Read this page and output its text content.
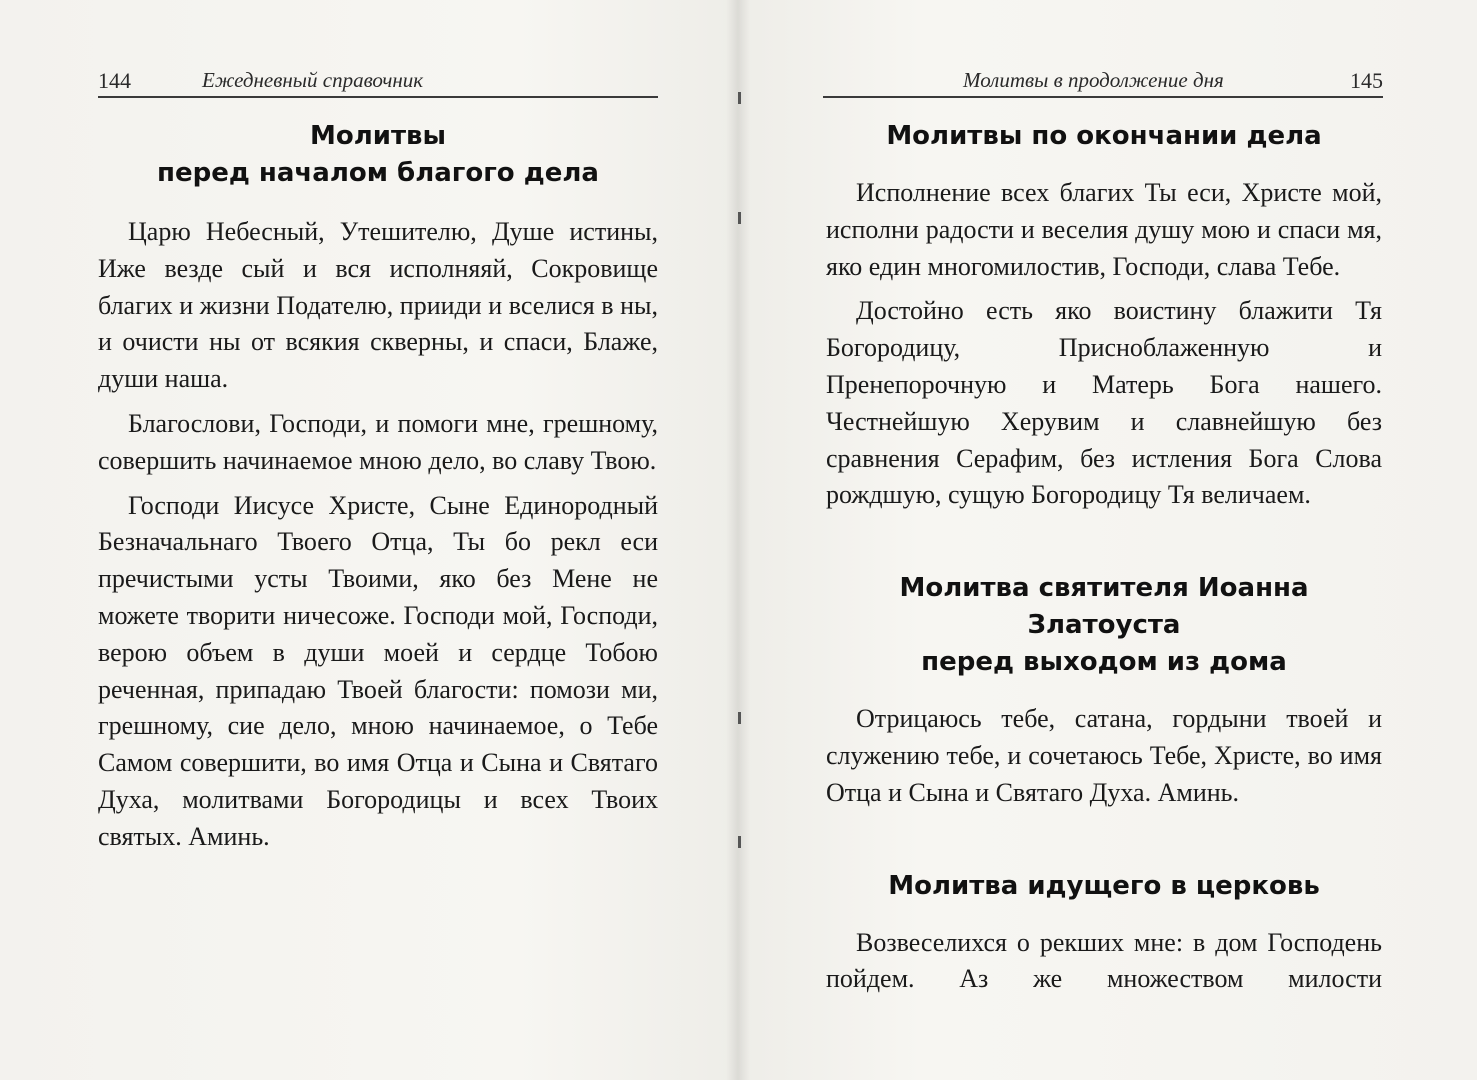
144	Ежедневный справочник
Молитвы
перед началом благого дела

Царю Небесный, Утешителю, Душе истины, Иже везде сый и вся исполняяй, Сокровище благих и жизни Подателю, прииди и вселися в ны, и очисти ны от всякия скверны, и спаси, Блаже, души наша.

Благослови, Господи, и помоги мне, грешному, совершить начинаемое мною дело, во славу Твою.

Господи Иисусе Христе, Сыне Единородный Безначальнаго Твоего Отца, Ты бо рекл еси пречистыми усты Твоими, яко без Мене не можете творити ничесоже. Господи мой, Господи, верою объем в души моей и сердце Тобою реченная, припадаю Твоей благости: помози ми, грешному, сие дело, мною начинаемое, о Тебе Самом совершити, во имя Отца и Сына и Святаго Духа, молитвами Богородицы и всех Твоих святых. Аминь.

Молитвы в продолжение дня	145
Молитвы по окончании дела

Исполнение всех благих Ты еси, Христе мой, исполни радости и веселия душу мою и спаси мя, яко един многомилостив, Господи, слава Тебе.

Достойно есть яко воистину блажити Тя Богородицу, Присноблаженную и Пренепорочную и Матерь Бога нашего. Честнейшую Херувим и славнейшую без сравнения Серафим, без истления Бога Слова рождшую, сущую Богородицу Тя величаем.

Молитва святителя Иоанна Златоуста
перед выходом из дома

Отрицаюсь тебе, сатана, гордыни твоей и служению тебе, и сочетаюсь Тебе, Христе, во имя Отца и Сына и Святаго Духа. Аминь.

Молитва идущего в церковь

Возвеселихся о рекших мне: в дом Господень пойдем. Аз же множеством милости
